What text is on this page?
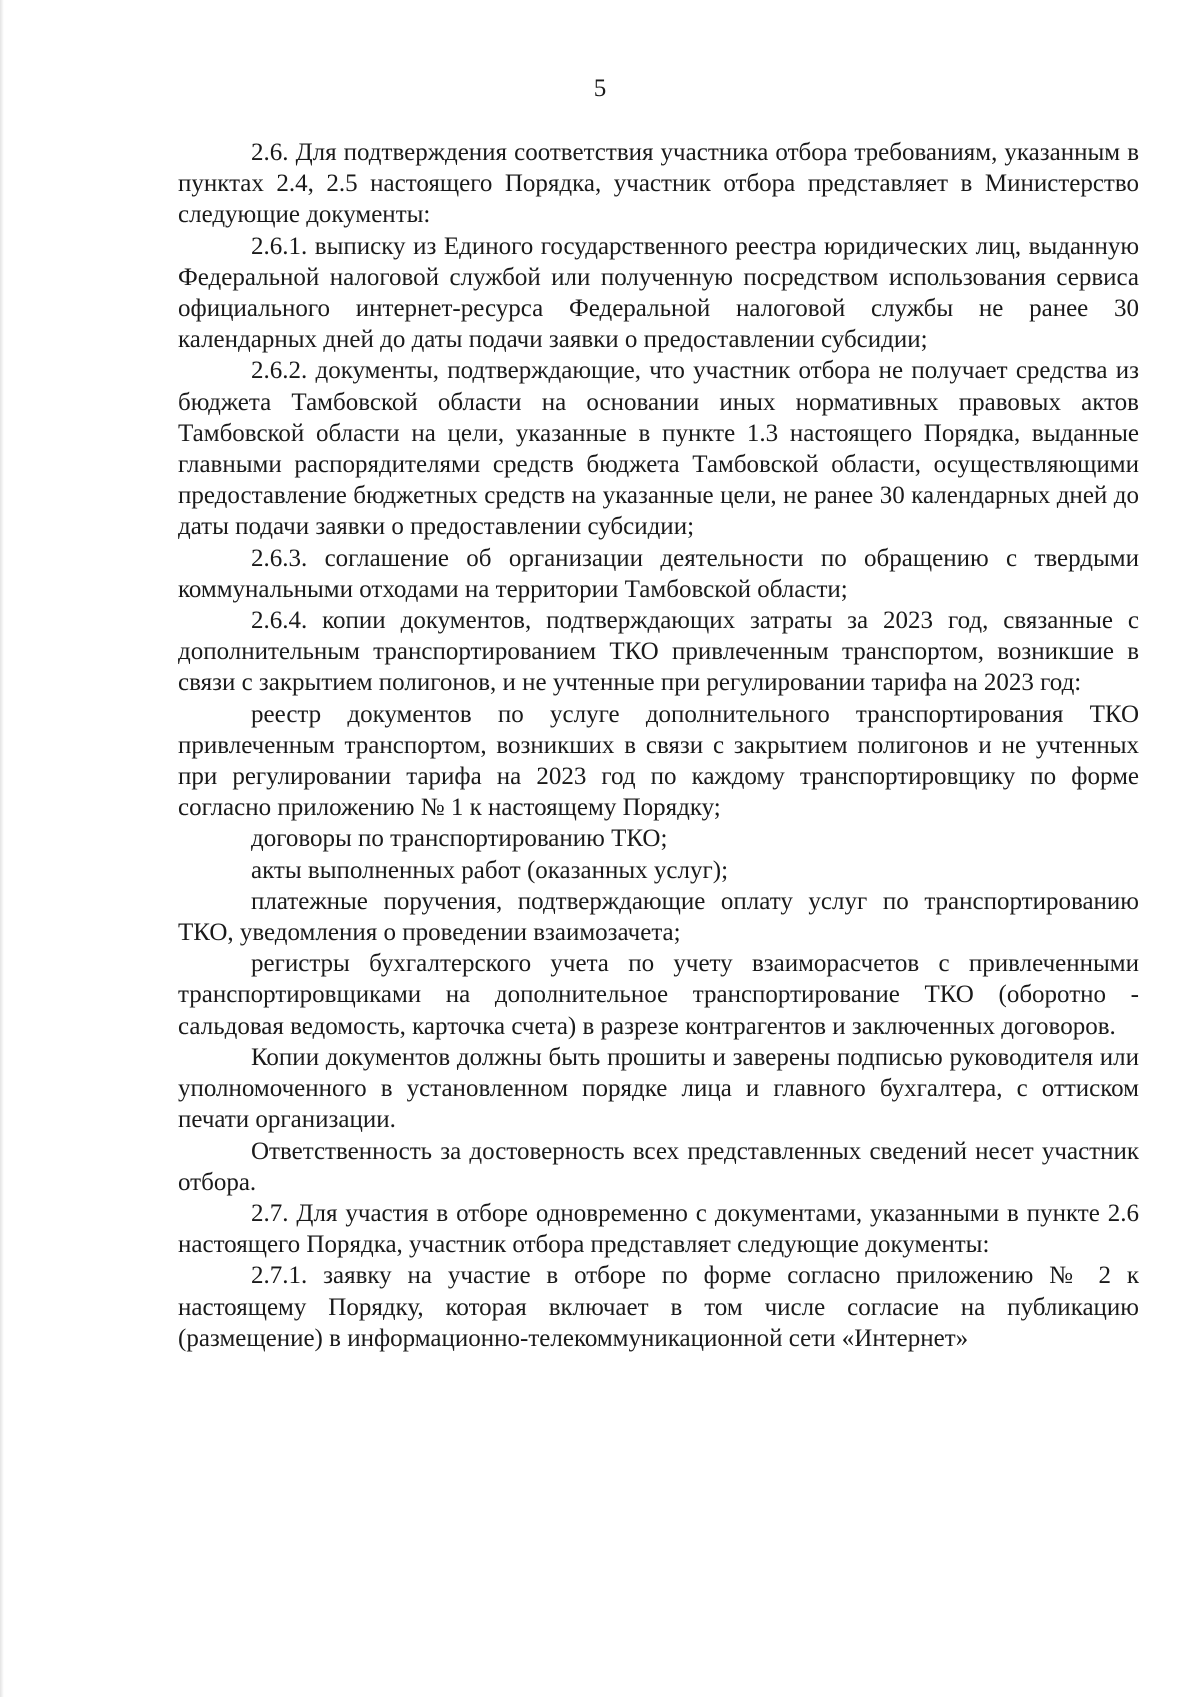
5

2.6. Для подтверждения соответствия участника отбора требованиям, указанным в пунктах 2.4, 2.5 настоящего Порядка, участник отбора представляет в Министерство следующие документы:

2.6.1. выписку из Единого государственного реестра юридических лиц, выданную Федеральной налоговой службой или полученную посредством использования сервиса официального интернет-ресурса Федеральной налоговой службы не ранее 30 календарных дней до даты подачи заявки о предоставлении субсидии;

2.6.2. документы, подтверждающие, что участник отбора не получает средства из бюджета Тамбовской области на основании иных нормативных правовых актов Тамбовской области на цели, указанные в пункте 1.3 настоящего Порядка, выданные главными распорядителями средств бюджета Тамбовской области, осуществляющими предоставление бюджетных средств на указанные цели, не ранее 30 календарных дней до даты подачи заявки о предоставлении субсидии;

2.6.3. соглашение об организации деятельности по обращению с твердыми коммунальными отходами на территории Тамбовской области;

2.6.4. копии документов, подтверждающих затраты за 2023 год, связанные с дополнительным транспортированием ТКО привлеченным транспортом, возникшие в связи с закрытием полигонов, и не учтенные при регулировании тарифа на 2023 год:

реестр документов по услуге дополнительного транспортирования ТКО привлеченным транспортом, возникших в связи с закрытием полигонов и не учтенных при регулировании тарифа на 2023 год по каждому транспортировщику по форме согласно приложению № 1 к настоящему Порядку;

договоры по транспортированию ТКО;

акты выполненных работ (оказанных услуг);

платежные поручения, подтверждающие оплату услуг по транспортированию ТКО, уведомления о проведении взаимозачета;

регистры бухгалтерского учета по учету взаиморасчетов с привлеченными транспортировщиками на дополнительное транспортирование ТКО (оборотно - сальдовая ведомость, карточка счета) в разрезе контрагентов и заключенных договоров.

Копии документов должны быть прошиты и заверены подписью руководителя или уполномоченного в установленном порядке лица и главного бухгалтера, с оттиском печати организации.

Ответственность за достоверность всех представленных сведений несет участник отбора.

2.7. Для участия в отборе одновременно с документами, указанными в пункте 2.6 настоящего Порядка, участник отбора представляет следующие документы:

2.7.1. заявку на участие в отборе по форме согласно приложению № 2 к настоящему Порядку, которая включает в том числе согласие на публикацию (размещение) в информационно-телекоммуникационной сети «Интернет»
